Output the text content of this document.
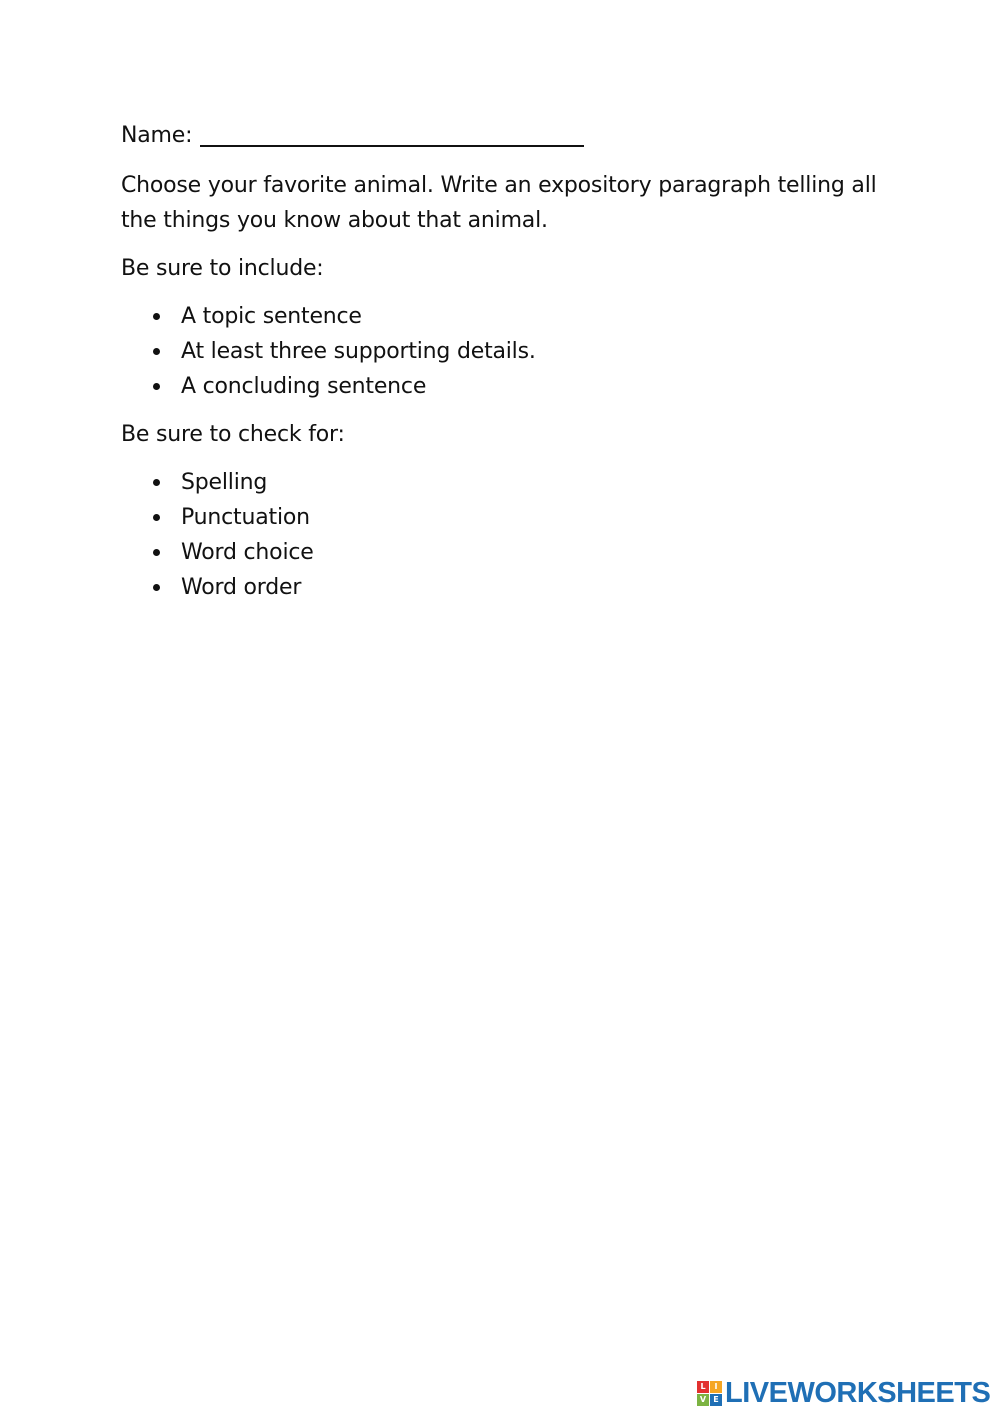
Name:

Choose your favorite animal. Write an expository paragraph telling all the things you know about that animal.

Be sure to include:

A topic sentence
At least three supporting details.
A concluding sentence

Be sure to check for:

Spelling
Punctuation
Word choice
Word order
L	I
V E LIVEWORKSHEETS
